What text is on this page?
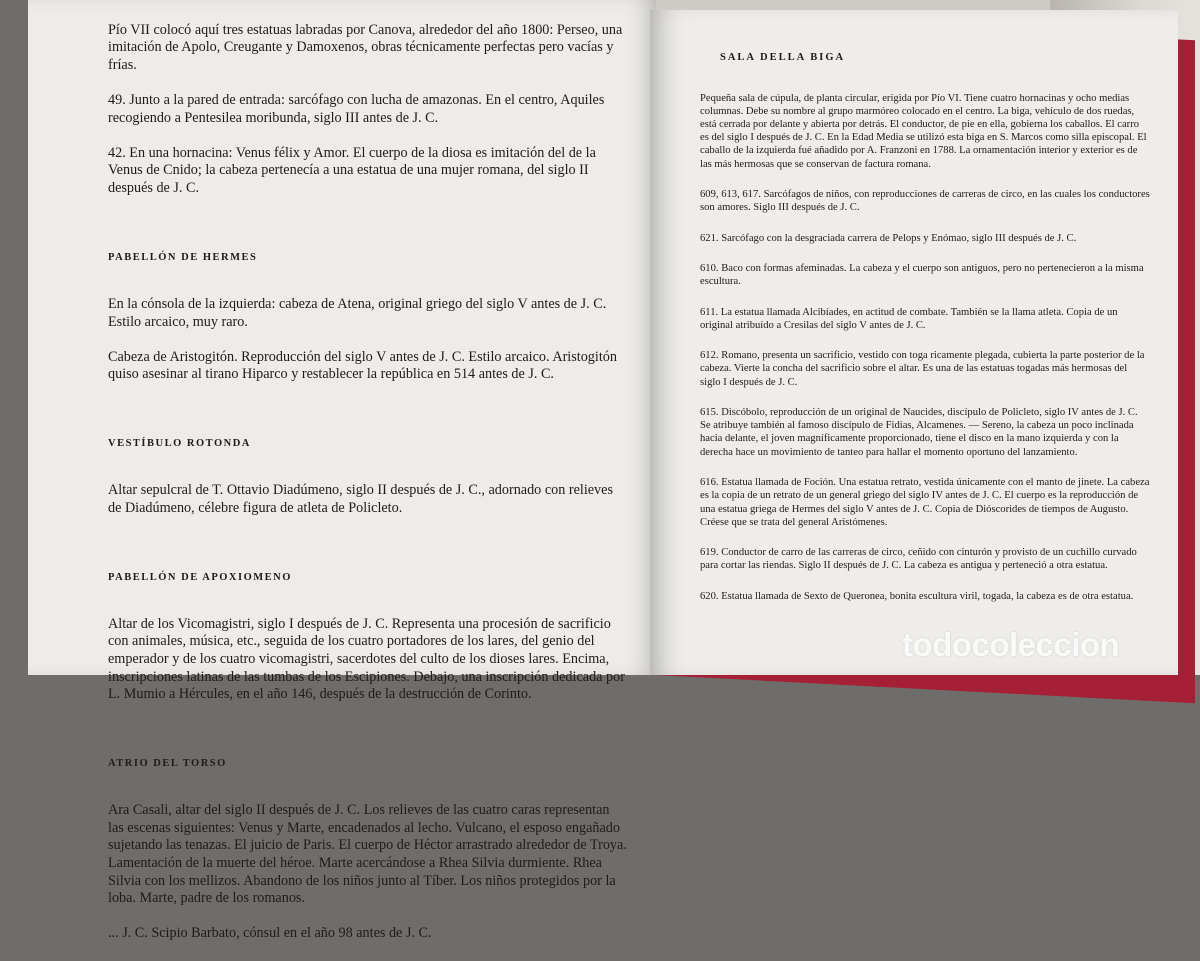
Pío VII colocó aquí tres estatuas labradas por Canova, alrededor del año 1800: Perseo, una imitación de Apolo, Creugante y Damoxenos, obras técnicamente perfectas pero vacías y frías.

49. Junto a la pared de entrada: sarcófago con lucha de amazonas. En el centro, Aquiles recogiendo a Pentesilea moribunda, siglo III antes de J. C.

42. En una hornacina: Venus félix y Amor. El cuerpo de la diosa es imitación del de la Venus de Cnido; la cabeza pertenecía a una estatua de una mujer romana, del siglo II después de J. C.

PABELLÓN DE HERMES

En la cónsola de la izquierda: cabeza de Atena, original griego del siglo V antes de J. C. Estilo arcaico, muy raro.

Cabeza de Aristogitón. Reproducción del siglo V antes de J. C. Estilo arcaico. Aristogitón quiso asesinar al tirano Hiparco y restablecer la república en 514 antes de J. C.

VESTÍBULO ROTONDA

Altar sepulcral de T. Ottavio Diadúmeno, siglo II después de J. C., adornado con relieves de Diadúmeno, célebre figura de atleta de Policleto.

PABELLÓN DE APOXIOMENO

Altar de los Vicomagistri, siglo I después de J. C. Representa una procesión de sacrificio con animales, música, etc., seguida de los cuatro portadores de los lares, del genio del emperador y de los cuatro vicomagistri, sacerdotes del culto de los dioses lares. Encima, inscripciones latinas de las tumbas de los Escipiones. Debajo, una inscripción dedicada por L. Mumio a Hércules, en el año 146, después de la destrucción de Corinto.

ATRIO DEL TORSO

Ara Casali, altar del siglo II después de J. C. Los relieves de las cuatro caras representan las escenas siguientes: Venus y Marte, encadenados al lecho. Vulcano, el esposo engañado sujetando las tenazas. El juicio de Paris. El cuerpo de Héctor arrastrado alrededor de Troya. Lamentación de la muerte del héroe. Marte acercándose a Rhea Silvia durmiente. Rhea Silvia con los mellizos. Abandono de los niños junto al Tíber. Los niños protegidos por la loba. Marte, padre de los romanos.

... J. C. Scipio Barbato, cónsul en el año 98 antes de J. C.

SALA DELLA BIGA

Pequeña sala de cúpula, de planta circular, erigida por Pío VI. Tiene cuatro hornacinas y ocho medias columnas. Debe su nombre al grupo marmóreo colocado en el centro. La biga, vehículo de dos ruedas, está cerrada por delante y abierta por detrás. El conductor, de pie en ella, gobierna los caballos. El carro es del siglo I después de J. C. En la Edad Media se utilizó esta biga en S. Marcos como silla episcopal. El caballo de la izquierda fué añadido por A. Franzoni en 1788. La ornamentación interior y exterior es de las más hermosas que se conservan de factura romana.

609, 613, 617. Sarcófagos de niños, con reproducciones de carreras de circo, en las cuales los conductores son amores. Siglo III después de J. C.

621. Sarcófago con la desgraciada carrera de Pelops y Enómao, siglo III después de J. C.

610. Baco con formas afeminadas. La cabeza y el cuerpo son antiguos, pero no pertenecieron a la misma escultura.

611. La estatua llamada Alcibíades, en actitud de combate. También se la llama atleta. Copia de un original atribuído a Cresilas del siglo V antes de J. C.

612. Romano, presenta un sacrificio, vestido con toga ricamente plegada, cubierta la parte posterior de la cabeza. Vierte la concha del sacrificio sobre el altar. Es una de las estatuas togadas más hermosas del siglo I después de J. C.

615. Discóbolo, reproducción de un original de Naucides, discípulo de Policleto, siglo IV antes de J. C. Se atribuye también al famoso discípulo de Fidias, Alcamenes. — Sereno, la cabeza un poco inclinada hacia delante, el joven magníficamente proporcionado, tiene el disco en la mano izquierda y con la derecha hace un movimiento de tanteo para hallar el momento oportuno del lanzamiento.

616. Estatua llamada de Foción. Una estatua retrato, vestida únicamente con el manto de jinete. La cabeza es la copia de un retrato de un general griego del siglo IV antes de J. C. El cuerpo es la reproducción de una estatua griega de Hermes del siglo V antes de J. C. Copia de Dióscorides de tiempos de Augusto. Créese que se trata del general Aristómenes.

619. Conductor de carro de las carreras de circo, ceñido con cinturón y provisto de un cuchillo curvado para cortar las riendas. Siglo II después de J. C. La cabeza es antigua y perteneció a otra estatua.

620. Estatua llamada de Sexto de Queronea, bonita escultura viril, togada, la cabeza es de otra estatua.

todocoleccion
